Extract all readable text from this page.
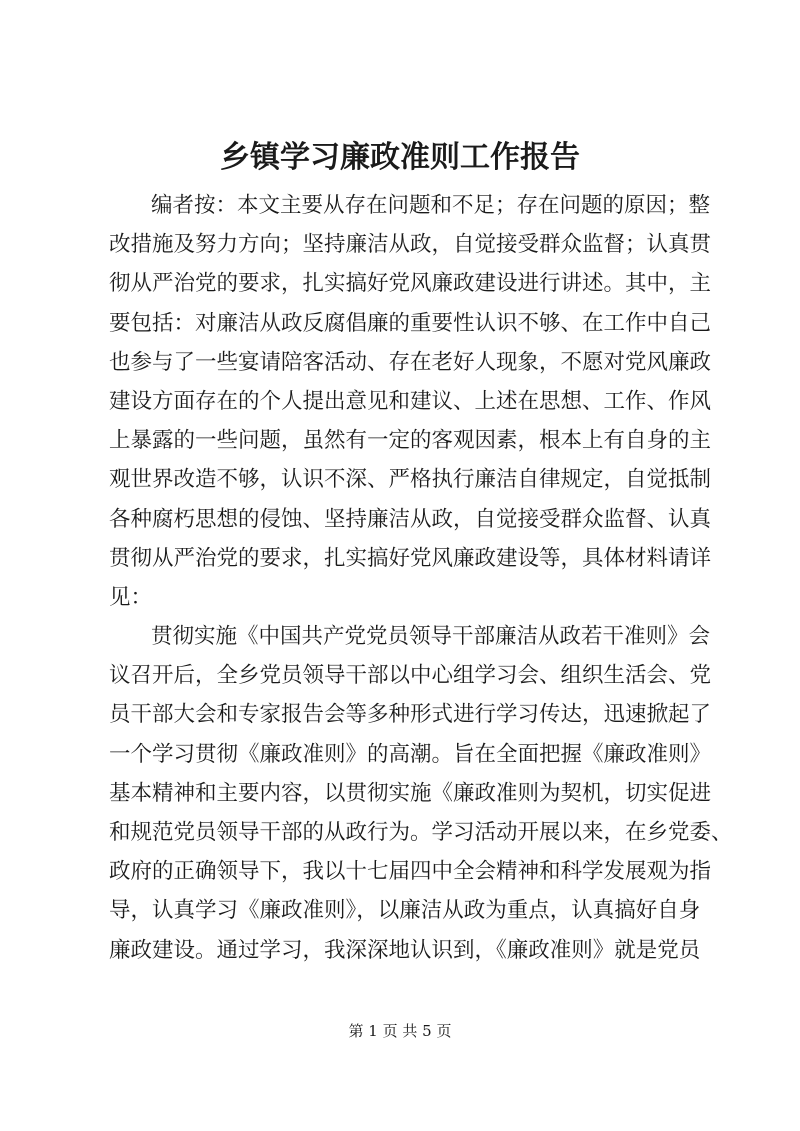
乡镇学习廉政准则工作报告
编者按：本文主要从存在问题和不足；存在问题的原因；整
改措施及努力方向；坚持廉洁从政，自觉接受群众监督；认真贯
彻从严治党的要求，扎实搞好党风廉政建设进行讲述。其中，主
要包括：对廉洁从政反腐倡廉的重要性认识不够、在工作中自己
也参与了一些宴请陪客活动、存在老好人现象，不愿对党风廉政
建设方面存在的个人提出意见和建议、上述在思想、工作、作风
上暴露的一些问题，虽然有一定的客观因素，根本上有自身的主
观世界改造不够，认识不深、严格执行廉洁自律规定，自觉抵制
各种腐朽思想的侵蚀、坚持廉洁从政，自觉接受群众监督、认真
贯彻从严治党的要求，扎实搞好党风廉政建设等，具体材料请详
见：
贯彻实施《中国共产党党员领导干部廉洁从政若干准则》会
议召开后，全乡党员领导干部以中心组学习会、组织生活会、党
员干部大会和专家报告会等多种形式进行学习传达，迅速掀起了
一个学习贯彻《廉政准则》的高潮。旨在全面把握《廉政准则》
基本精神和主要内容，以贯彻实施《廉政准则为契机，切实促进
和规范党员领导干部的从政行为。学习活动开展以来，在乡党委、
政府的正确领导下，我以十七届四中全会精神和科学发展观为指
导，认真学习《廉政准则》，以廉洁从政为重点，认真搞好自身
廉政建设。通过学习，我深深地认识到，《廉政准则》就是党员
第 1 页 共 5 页
